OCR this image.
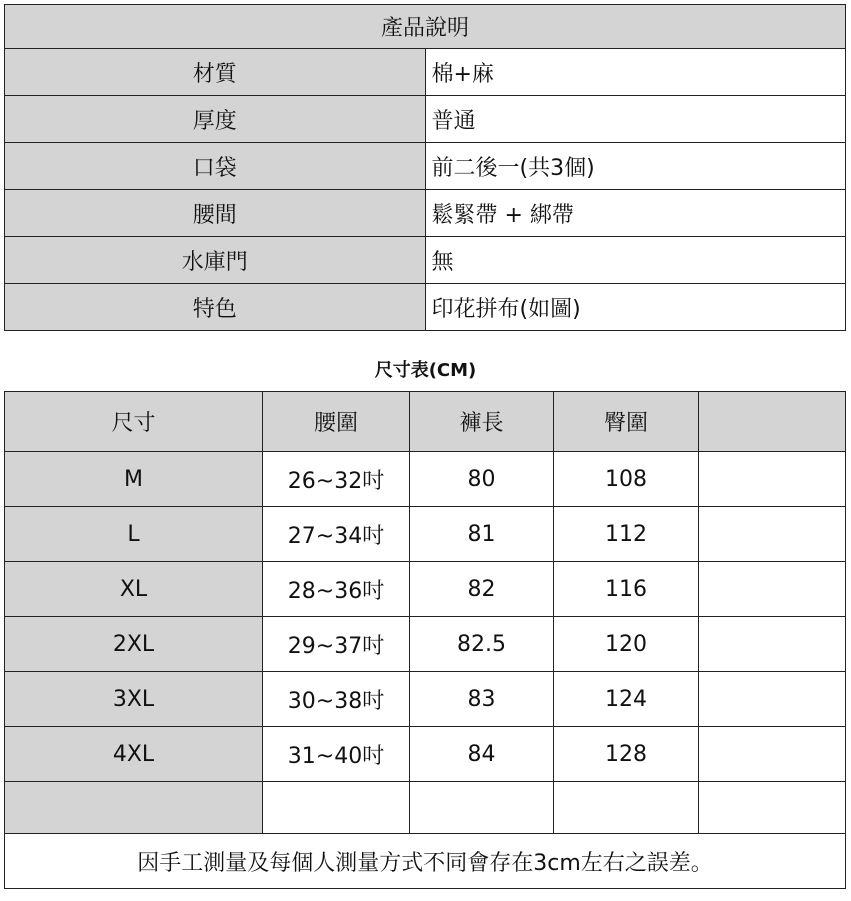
產品說明	
材質	棉+麻
厚度	普通
口袋	前二後一(共3個)
腰間	鬆緊帶 + 綁帶
水庫門	無
特色	印花拼布(如圖)
尺寸表(CM)
尺寸	腰圍	褲長	臀圍	
M	26~32吋	80	108	
L	27~34吋	81	112	
XL	28~36吋	82	116	
2XL	29~37吋	82.5	120	
3XL	30~38吋	83	124	
4XL	31~40吋	84	128	

因手工測量及每個人測量方式不同會存在3cm左右之誤差。				
